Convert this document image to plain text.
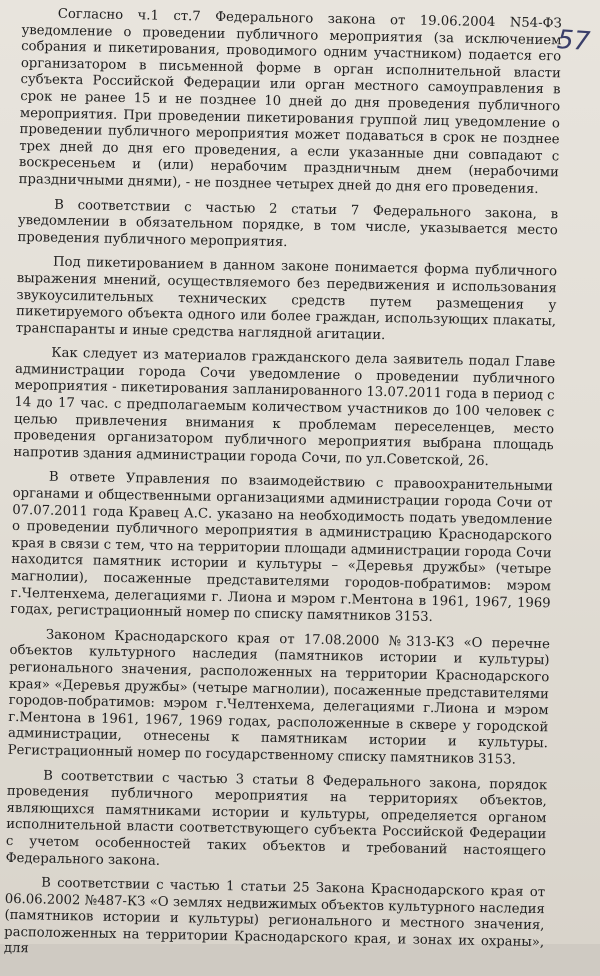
57

Согласно ч.1 ст.7 Федерального закона от 19.06.2004 N54-ФЗ уведомление о проведении публичного мероприятия (за исключением собрания и пикетирования, проводимого одним участником) подается его организатором в письменной форме в орган исполнительной власти субъекта Российской Федерации или орган местного самоуправления в срок не ранее 15 и не позднее 10 дней до дня проведения публичного мероприятия. При проведении пикетирования группой лиц уведомление о проведении публичного мероприятия может подаваться в срок не позднее трех дней до дня его проведения, а если указанные дни совпадают с воскресеньем и (или) нерабочим праздничным днем (нерабочими праздничными днями), - не позднее четырех дней до дня его проведения.

В соответствии с частью 2 статьи 7 Федерального закона, в уведомлении в обязательном порядке, в том числе, указывается место проведения публичного мероприятия.

Под пикетированием в данном законе понимается форма публичного выражения мнений, осуществляемого без передвижения и использования звукоусилительных технических средств путем размещения у пикетируемого объекта одного или более граждан, использующих плакаты, транспаранты и иные средства наглядной агитации.

Как следует из материалов гражданского дела заявитель подал Главе администрации города Сочи уведомление о проведении публичного мероприятия - пикетирования запланированного 13.07.2011 года в период с 14 до 17 час. с предполагаемым количеством участников до 100 человек с целью привлечения внимания к проблемам переселенцев, место проведения организатором публичного мероприятия выбрана площадь напротив здания администрации города Сочи, по ул.Советской, 26.

В ответе Управления по взаимодействию с правоохранительными органами и общественными организациями администрации города Сочи от 07.07.2011 года Кравец А.С. указано на необходимость подать уведомление о проведении публичного мероприятия в администрацию Краснодарского края в связи с тем, что на территории площади администрации города Сочи находится памятник истории и культуры – «Деревья дружбы» (четыре магнолии), посаженные представителями городов-побратимов: мэром г.Челтенхема, делегациями г. Лиона и мэром г.Ментона в 1961, 1967, 1969 годах, регистрационный номер по списку памятников 3153.

Законом Краснодарского края от 17.08.2000 №313-КЗ «О перечне объектов культурного наследия (памятников истории и культуры) регионального значения, расположенных на территории Краснодарского края» «Деревья дружбы» (четыре магнолии), посаженные представителями городов-побратимов: мэром г.Челтенхема, делегациями г.Лиона и мэром г.Ментона в 1961, 1967, 1969 годах, расположенные в сквере у городской администрации, отнесены к памятникам истории и культуры. Регистрационный номер по государственному списку памятников 3153.

В соответствии с частью 3 статьи 8 Федерального закона, порядок проведения публичного мероприятия на территориях объектов, являющихся памятниками истории и культуры, определяется органом исполнительной власти соответствующего субъекта Российской Федерации с учетом особенностей таких объектов и требований настоящего Федерального закона.

В соответствии с частью 1 статьи 25 Закона Краснодарского края от 06.06.2002 №487-КЗ «О землях недвижимых объектов культурного наследия (памятников истории и культуры) регионального и местного значения, расположенных на территории Краснодарского края, и зонах их охраны», для
